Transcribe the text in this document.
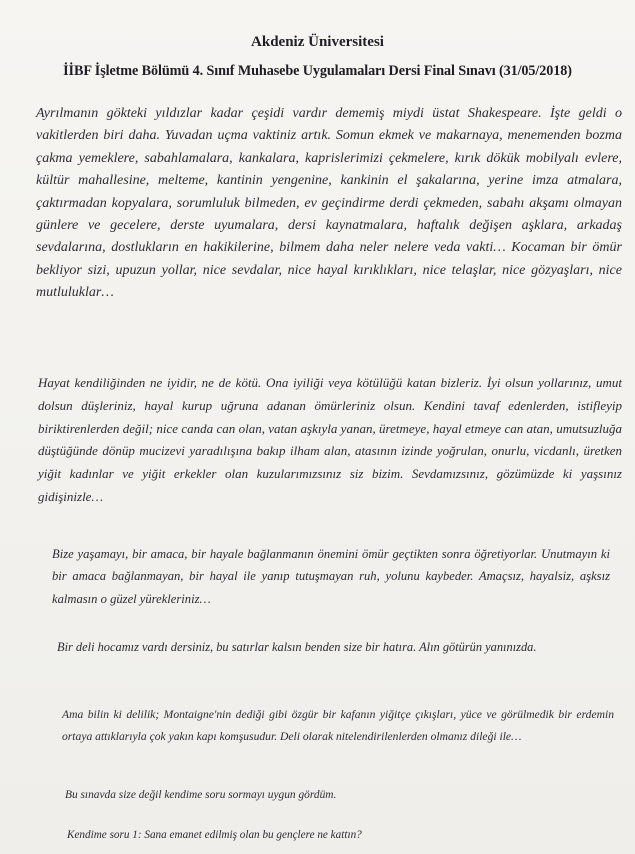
Akdeniz Üniversitesi
İİBF İşletme Bölümü 4. Sınıf Muhasebe Uygulamaları Dersi Final Sınavı (31/05/2018)

Ayrılmanın gökteki yıldızlar kadar çeşidi vardır dememiş miydi üstat Shakespeare. İşte geldi o vakitlerden biri daha. Yuvadan uçma vaktiniz artık. Somun ekmek ve makarnaya, menemenden bozma çakma yemeklere, sabahlamalara, kankalara, kaprislerimizi çekmelere, kırık dökük mobilyalı evlere, kültür mahallesine, melteme, kantinin yengenine, kankinin el şakalarına, yerine imza atmalara, çaktırmadan kopyalara, sorumluluk bilmeden, ev geçindirme derdi çekmeden, sabahı akşamı olmayan günlere ve gecelere, derste uyumalara, dersi kaynatmalara, haftalık değişen aşklara, arkadaş sevdalarına, dostlukların en hakikilerine, bilmem daha neler nelere veda vakti… Kocaman bir ömür bekliyor sizi, upuzun yollar, nice sevdalar, nice hayal kırıklıkları, nice telaşlar, nice gözyaşları, nice mutluluklar…

Hayat kendiliğinden ne iyidir, ne de kötü. Ona iyiliği veya kötülüğü katan bizleriz. İyi olsun yollarınız, umut dolsun düşleriniz, hayal kurup uğruna adanan ömürleriniz olsun. Kendini tavaf edenlerden, istifleyip biriktirenlerden değil; nice canda can olan, vatan aşkıyla yanan, üretmeye, hayal etmeye can atan, umutsuzluğa düştüğünde dönüp mucizevi yaradılışına bakıp ilham alan, atasının izinde yoğrulan, onurlu, vicdanlı, üretken yiğit kadınlar ve yiğit erkekler olan kuzularımızsınız siz bizim. Sevdamızsınız, gözümüzde ki yaşsınız gidişinizle…

Bize yaşamayı, bir amaca, bir hayale bağlanmanın önemini ömür geçtikten sonra öğretiyorlar. Unutmayın ki bir amaca bağlanmayan, bir hayal ile yanıp tutuşmayan ruh, yolunu kaybeder. Amaçsız, hayalsiz, aşksız kalmasın o güzel yürekleriniz…

Bir deli hocamız vardı dersiniz, bu satırlar kalsın benden size bir hatıra. Alın götürün yanınızda.

Ama bilin ki delilik; Montaigne'nin dediği gibi özgür bir kafanın yiğitçe çıkışları, yüce ve görülmedik bir erdemin ortaya attıklarıyla çok yakın kapı komşusudur. Deli olarak nitelendirilenlerden olmanız dileği ile…

Bu sınavda size değil kendime soru sormayı uygun gördüm.

Kendime soru 1: Sana emanet edilmiş olan bu gençlere ne kattın?
